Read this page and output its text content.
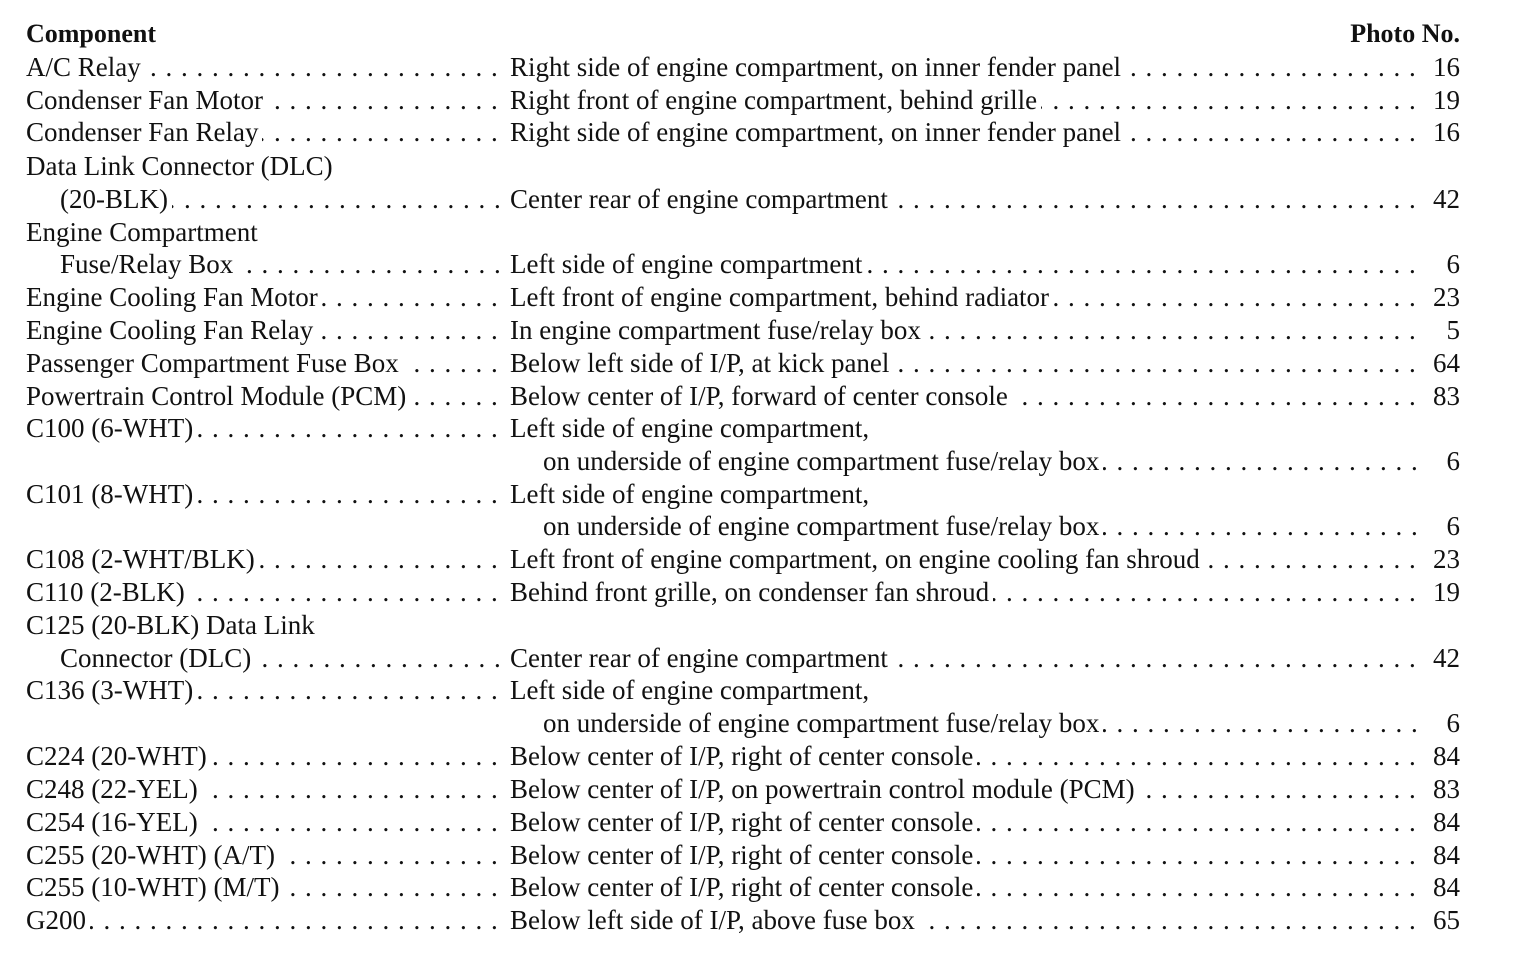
Component	Photo No.
A/C Relay . . .	Right side of engine compartment, on inner fender panel . . .	16
Condenser Fan Motor . . .	Right front of engine compartment, behind grille . . .	19
Condenser Fan Relay . . .	Right side of engine compartment, on inner fender panel . . .	16
Data Link Connector (DLC)
(20-BLK) . . .	Center rear of engine compartment . . .	42
Engine Compartment
Fuse/Relay Box . . .	Left side of engine compartment . . .	6
Engine Cooling Fan Motor . . .	Left front of engine compartment, behind radiator . . .	23
Engine Cooling Fan Relay . . .	In engine compartment fuse/relay box . . .	5
Passenger Compartment Fuse Box . . .	Below left side of I/P, at kick panel . . .	64
Powertrain Control Module (PCM) . . .	Below center of I/P, forward of center console . . .	83
C100 (6-WHT) . . .	Left side of engine compartment,
on underside of engine compartment fuse/relay box . . .	6
C101 (8-WHT) . . .	Left side of engine compartment,
on underside of engine compartment fuse/relay box . . .	6
C108 (2-WHT/BLK) . . .	Left front of engine compartment, on engine cooling fan shroud . . .	23
C110 (2-BLK) . . .	Behind front grille, on condenser fan shroud . . .	19
C125 (20-BLK) Data Link
Connector (DLC) . . .	Center rear of engine compartment . . .	42
C136 (3-WHT) . . .	Left side of engine compartment,
on underside of engine compartment fuse/relay box . . .	6
C224 (20-WHT) . . .	Below center of I/P, right of center console . . .	84
C248 (22-YEL) . . .	Below center of I/P, on powertrain control module (PCM) . . .	83
C254 (16-YEL) . . .	Below center of I/P, right of center console . . .	84
C255 (20-WHT) (A/T) . . .	Below center of I/P, right of center console . . .	84
C255 (10-WHT) (M/T) . . .	Below center of I/P, right of center console . . .	84
G200 . . .	Below left side of I/P, above fuse box . . .	65
